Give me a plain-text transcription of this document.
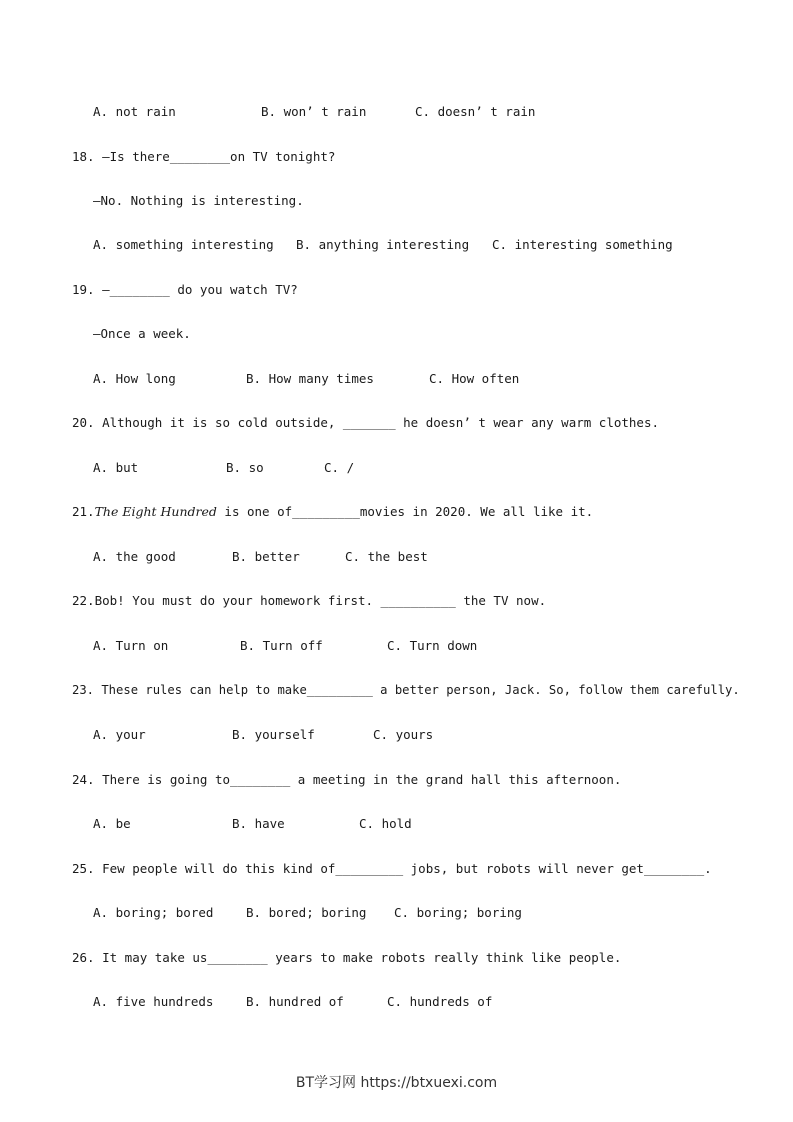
A. not rain	B. won’ t rain	C. doesn’ t rain
18. —Is there________on TV tonight?
—No. Nothing is interesting.
A. something interesting B. anything interesting C. interesting something
19. —________ do you watch TV?
—Once a week.
A. How long	B. How many times	C. How often
20. Although it is so cold outside, _______ he doesn’ t wear any warm clothes.
A. but	B. so	C. /
21.The Eight Hundred is one of_________movies in 2020. We all like it.
A. the good	B. better	C. the best
22.Bob! You must do your homework first. __________ the TV now.
A. Turn on	B. Turn off	C. Turn down
23. These rules can help to make_________ a better person, Jack. So, follow them carefully.
A. your	B. yourself	C. yours
24. There is going to________ a meeting in the grand hall this afternoon.
A. be	B. have	C. hold
25. Few people will do this kind of_________ jobs, but robots will never get________.
A. boring; bored	B. bored; boring C. boring; boring
26. It may take us________ years to make robots really think like people.
A. five hundreds	B. hundred of	C. hundreds of
BT学习网 https://btxuexi.com
